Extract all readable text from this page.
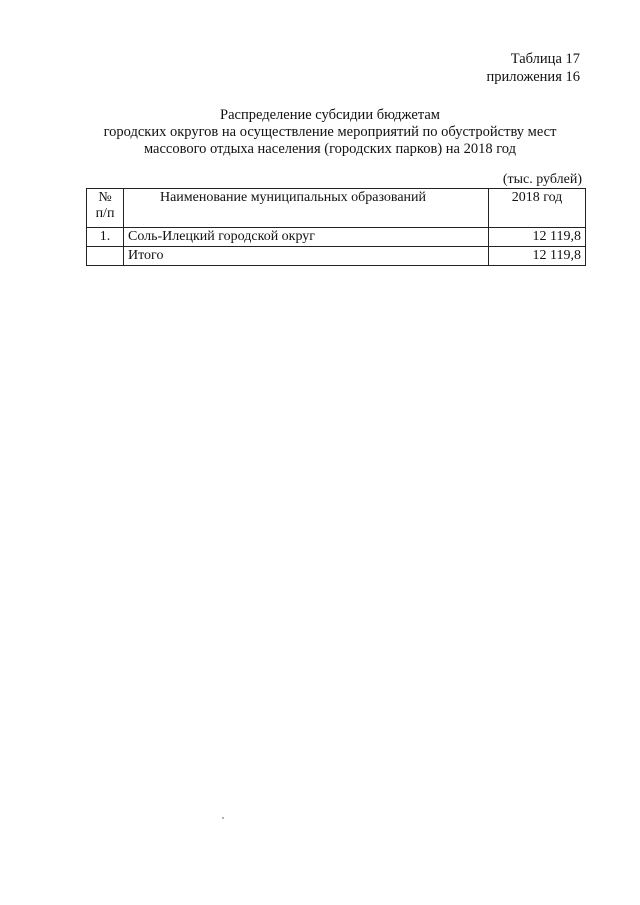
Таблица 17
приложения 16
Распределение субсидии бюджетам
городских округов на осуществление мероприятий по обустройству мест
массового отдыха населения (городских парков) на 2018 год
(тыс. рублей)
№
п/п	Наименование муниципальных образований	2018 год
1.	Соль-Илецкий городской округ	12 119,8
	Итого	12 119,8
